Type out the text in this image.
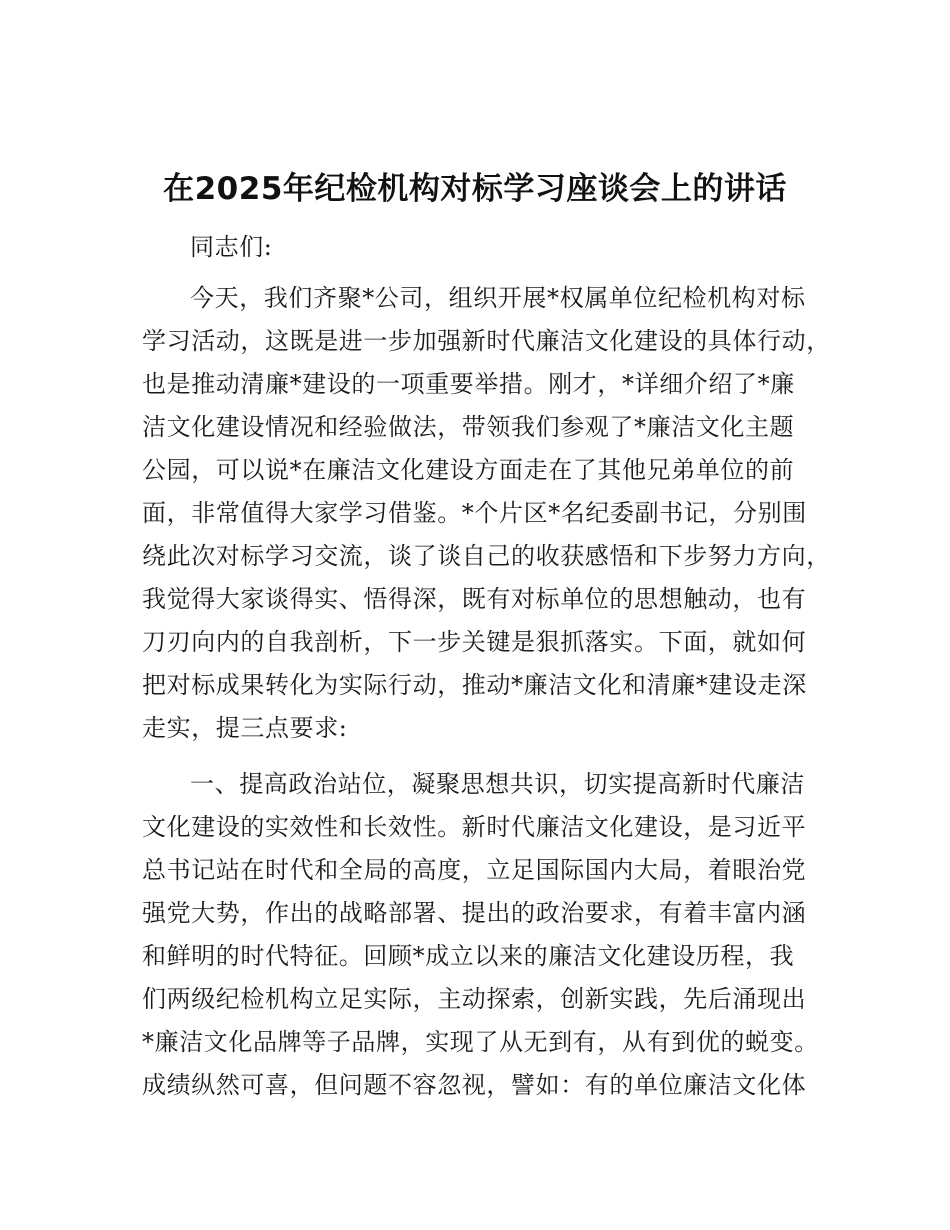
在2025年纪检机构对标学习座谈会上的讲话
同志们:
今天，我们齐聚*公司，组织开展*权属单位纪检机构对标
学习活动，这既是进一步加强新时代廉洁文化建设的具体行动，
也是推动清廉*建设的一项重要举措。刚才，*详细介绍了*廉
洁文化建设情况和经验做法，带领我们参观了*廉洁文化主题
公园，可以说*在廉洁文化建设方面走在了其他兄弟单位的前
面，非常值得大家学习借鉴。*个片区*名纪委副书记，分别围
绕此次对标学习交流，谈了谈自己的收获感悟和下步努力方向，
我觉得大家谈得实、悟得深，既有对标单位的思想触动，也有
刀刃向内的自我剖析，下一步关键是狠抓落实。下面，就如何
把对标成果转化为实际行动，推动*廉洁文化和清廉*建设走深
走实，提三点要求:
一、提高政治站位，凝聚思想共识，切实提高新时代廉洁
文化建设的实效性和长效性。新时代廉洁文化建设，是习近平
总书记站在时代和全局的高度，立足国际国内大局，着眼治党
强党大势，作出的战略部署、提出的政治要求，有着丰富内涵
和鲜明的时代特征。回顾*成立以来的廉洁文化建设历程，我
们两级纪检机构立足实际，主动探索，创新实践，先后涌现出
*廉洁文化品牌等子品牌，实现了从无到有，从有到优的蜕变。
成绩纵然可喜，但问题不容忽视，譬如：有的单位廉洁文化体
